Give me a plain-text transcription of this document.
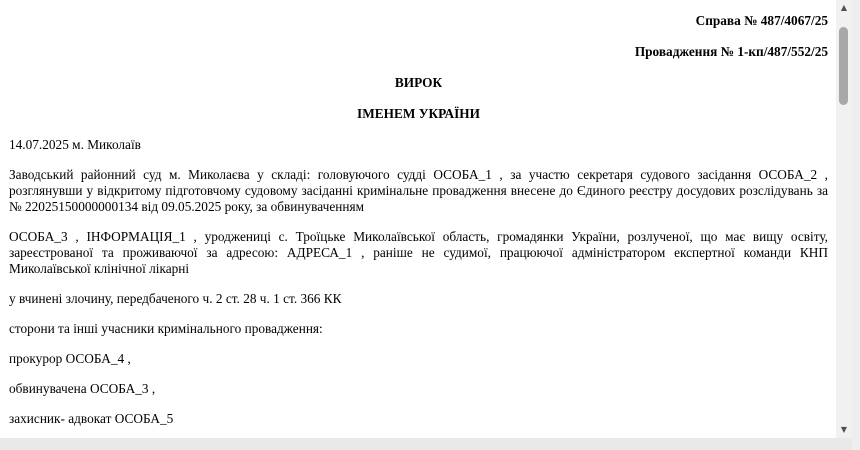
Справа № 487/4067/25

Провадження № 1-кп/487/552/25

ВИРОК

ІМЕНЕМ УКРАЇНИ

14.07.2025 м. Миколаїв

Заводський районний суд м. Миколаєва у складі: головуючого судді ОСОБА_1 , за участю секретаря судового засідання ОСОБА_2 , розглянувши у відкритому підготовчому судовому засіданні кримінальне провадження внесене до Єдиного реєстру досудових розслідувань за № 22025150000000134 від 09.05.2025 року, за обвинуваченням

ОСОБА_3 , ІНФОРМАЦІЯ_1 , уроджениці с. Троїцьке Миколаївської область, громадянки України, розлученої, що має вищу освіту, зареєстрованої та проживаючої за адресою: АДРЕСА_1 , раніше не судимої, працюючої адміністратором експертної команди КНП Миколаївської клінічної лікарні

у вчинені злочину, передбаченого ч. 2 ст. 28 ч. 1 ст. 366 КК

сторони та інші учасники кримінального провадження:

прокурор ОСОБА_4 ,

обвинувачена ОСОБА_3 ,

захисник- адвокат ОСОБА_5

▲
▼
